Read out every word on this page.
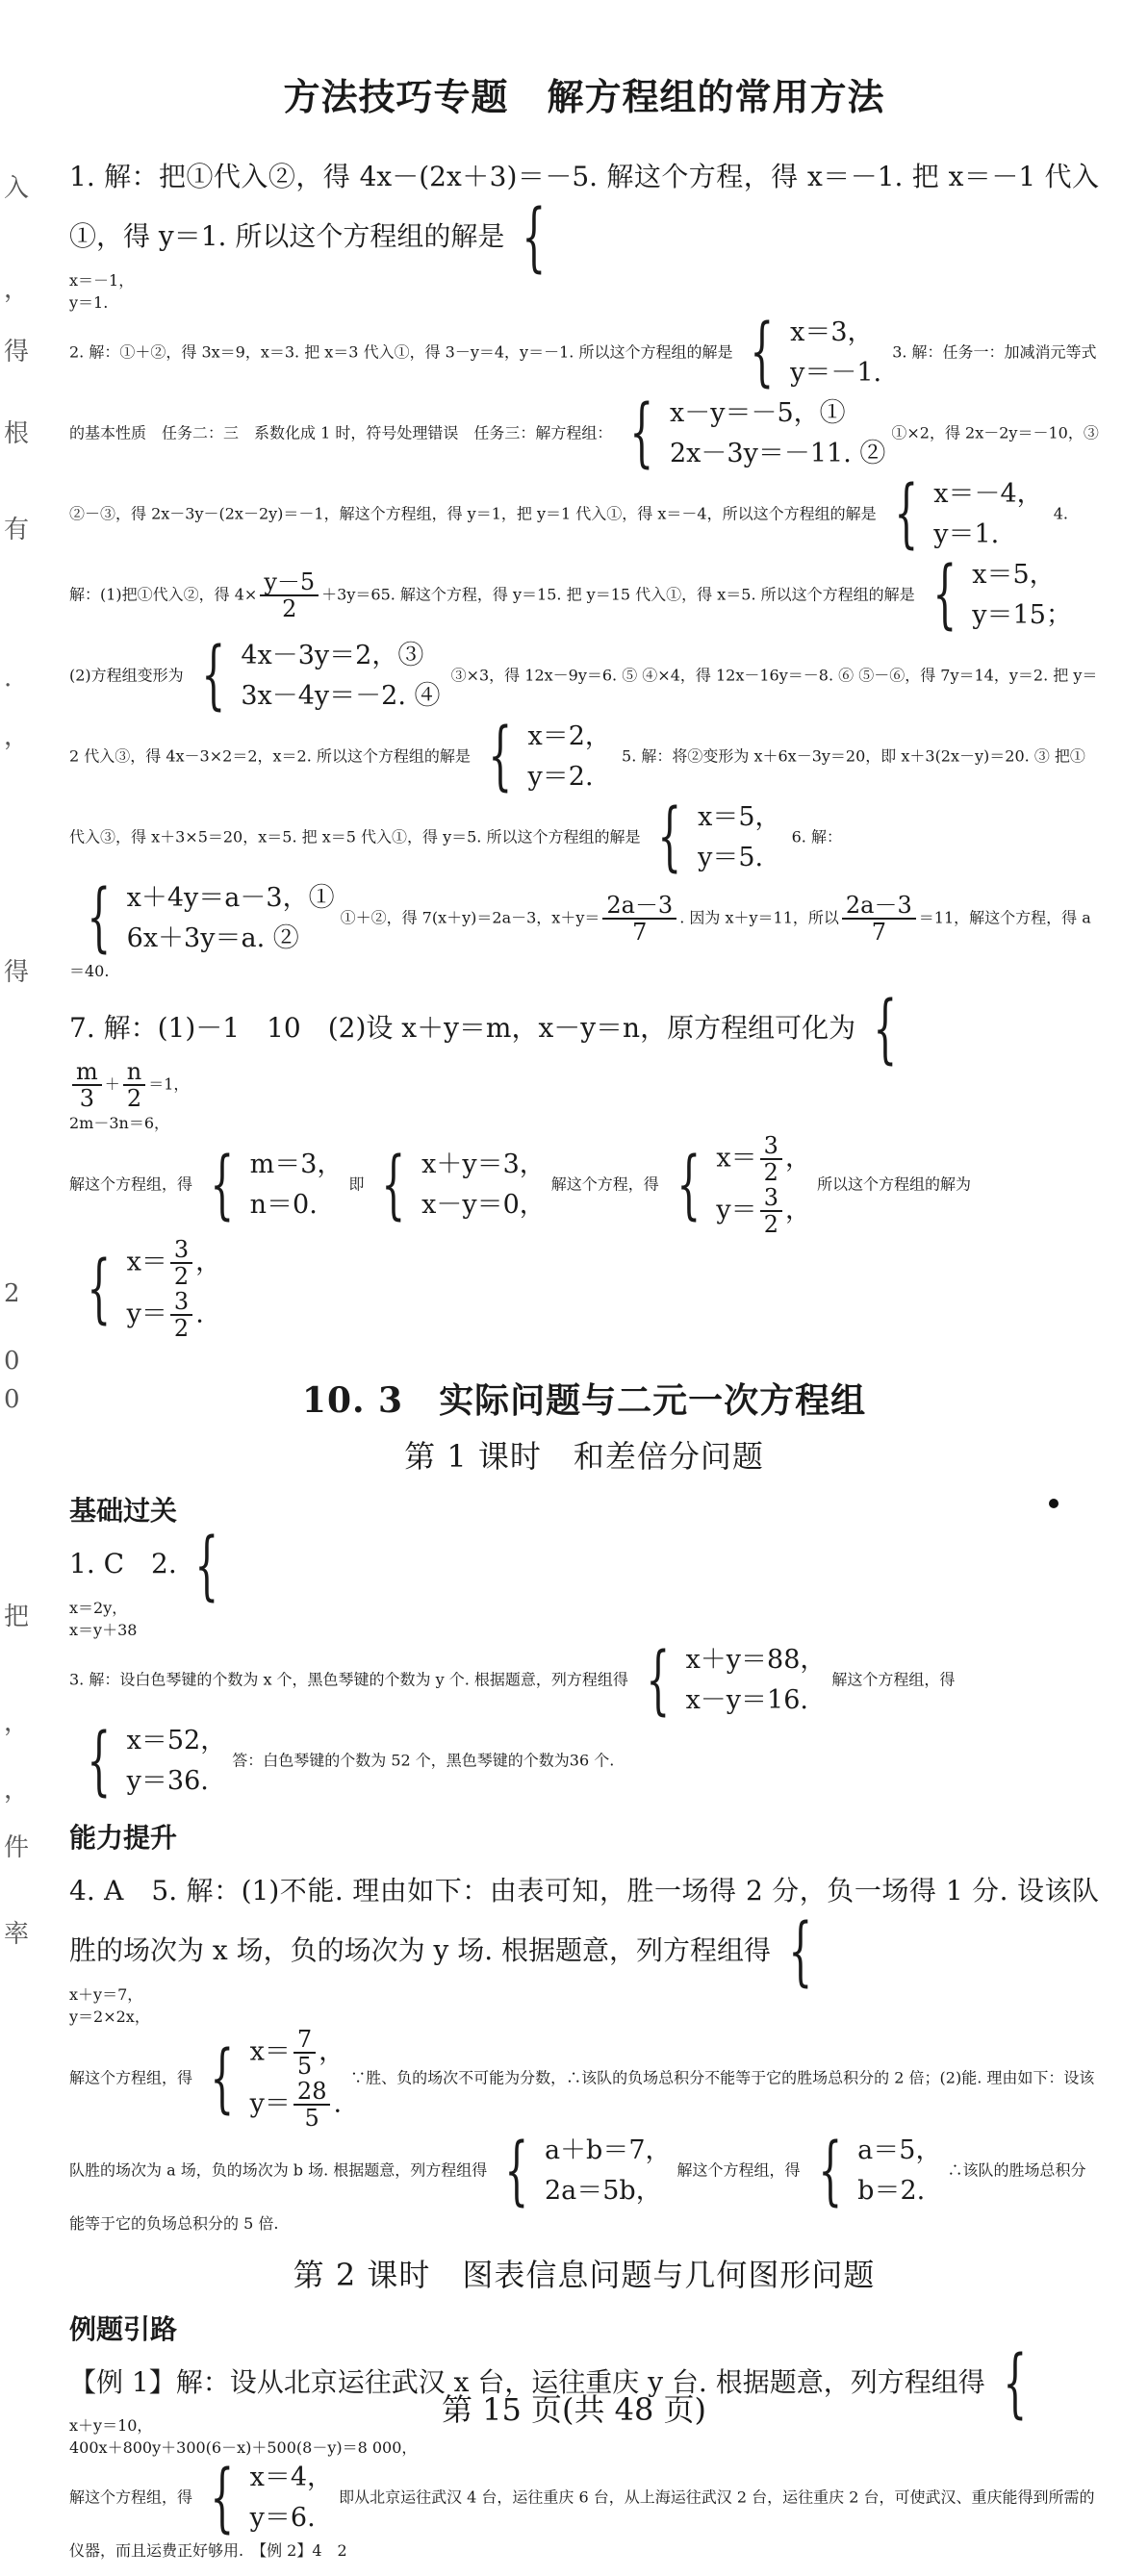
入
，
得
根
有
.
，
得
2
0
0
把
，
，
件
率
方法技巧专题 解方程组的常用方法

1. 解：把①代入②，得 4x－(2x＋3)＝－5. 解这个方程，得 x＝－1. 把 x＝－1 代入①，得 y＝1. 所以这个方程组的解是 {

x＝－1，
y＝1.
2. 解：①＋②，得 3x＝9，x＝3. 把 x＝3 代入①，得 3－y＝4，y＝－1. 所以这个方程组的解是 { x＝3，
y＝－1.
3. 解：任务一：加减消元等式的基本性质　任务二：三　系数化成 1 时，符号处理错误　任务三：解方程组： { x－y＝－5，①
2x－3y＝－11. ②
①×2，得 2x－2y＝－10，③ ②－③，得 2x－3y－(2x－2y)＝－1，解这个方程组，得 y＝1，把 y＝1 代入①，得 x＝－4，所以这个方程组的解是 { x＝－4，
y＝1.
4. 解：(1)把①代入②，得 $4\times \frac{y-5}{2} +3y=65$. 解这个方程，得 y＝15. 把 y＝15 代入①，得 x＝5. 所以这个方程组的解是 { x＝5，
y＝15；
(2)方程组变形为 { 4x－3y＝2，③
3x－4y＝－2. ④
③×3，得 12x－9y＝6. ⑤ ④×4，得 12x－16y＝－8. ⑥ ⑤－⑥，得 7y＝14，y＝2. 把 y＝2 代入③，得 4x－3×2＝2，x＝2. 所以这个方程组的解是 { x＝2，
y＝2.
5. 解：将②变形为 x＋6x－3y＝20，即 x＋3(2x－y)＝20. ③ 把①代入③，得 x＋3×5＝20，x＝5. 把 x＝5 代入①，得 y＝5. 所以这个方程组的解是 { x＝5，
y＝5.
6. 解：
{ x＋4y＝a－3，①
6x＋3y＝a. ②
①＋②，得 7(x＋y)＝2a－3，$x+y= \frac{2a-3}{7}$ . 因为 x＋y＝11，所以 $\frac{2a-3}{7} =11$，解这个方程，得 a＝40.

7. 解：(1)－1　10　(2)设 x＋y＝m，x－y＝n，原方程组可化为 {

$\frac{m}{3} + \frac{n}{2} =1$，
2m－3n＝6，
解这个方程组，得 { m＝3，
n＝0.
即 { x＋y＝3，
x－y＝0，
解这个方程，得 { $x= \frac{3}{2}$ ，
$y= \frac{3}{2}$ ，
所以这个方程组的解为
{ $x= \frac{3}{2}$ ，
$y= \frac{3}{2}$ .

10. 3　实际问题与二元一次方程组
第 1 课时　和差倍分问题
基础过关

1. C　2. {

x＝2y，
x＝y＋38
3. 解：设白色琴键的个数为 x 个，黑色琴键的个数为 y 个. 根据题意，列方程组得 { x＋y＝88，
x－y＝16.
解这个方程组，得
{ x＝52，
y＝36.
答：白色琴键的个数为 52 个，黑色琴键的个数为36 个.

能力提升

4. A　5. 解：(1)不能. 理由如下：由表可知，胜一场得 2 分，负一场得 1 分. 设该队胜的场次为 x 场，负的场次为 y 场. 根据题意，列方程组得 {

x＋y＝7，
y＝2×2x，
解这个方程组，得 { $x= \frac{7}{5}$ ，
$y= \frac{28}{5}$ .
∵胜、负的场次不可能为分数，∴该队的负场总积分不能等于它的胜场总积分的 2 倍；(2)能. 理由如下：设该队胜的场次为 a 场，负的场次为 b 场. 根据题意，列方程组得 { a＋b＝7，
2a＝5b，
解这个方程组，得 { a＝5，
b＝2.
∴该队的胜场总积分能等于它的负场总积分的 5 倍.

第 2 课时　图表信息问题与几何图形问题
例题引路

【例 1】解：设从北京运往武汉 x 台，运往重庆 y 台. 根据题意，列方程组得 {

x＋y＝10，
400x＋800y＋300(6－x)＋500(8－y)＝8 000，
解这个方程组，得 { x＝4，
y＝6.
即从北京运往武汉 4 台，运往重庆 6 台，从上海运往武汉 2 台，运往重庆 2 台，可使武汉、重庆能得到所需的仪器，而且运费正好够用.　【例 2】4　2

第 15 页(共 48 页)
